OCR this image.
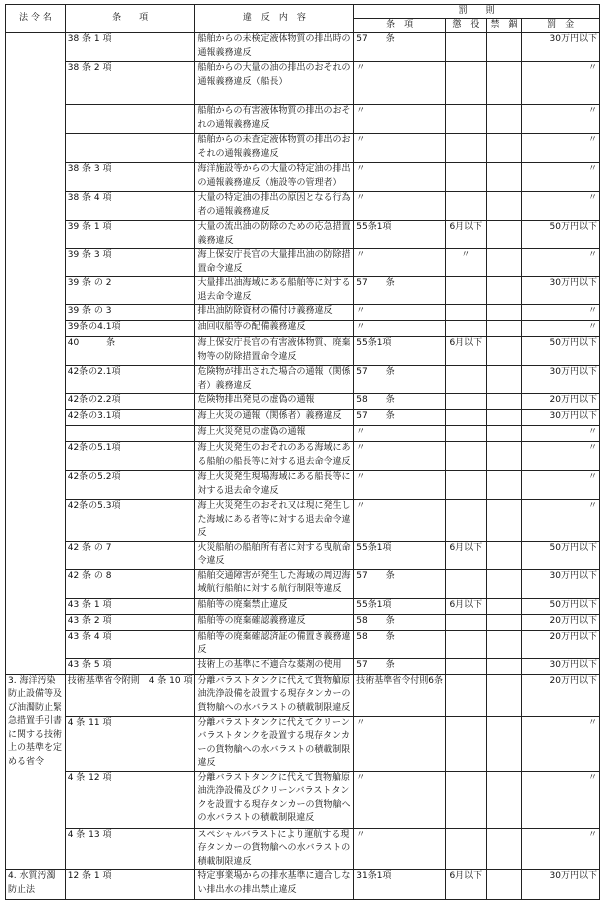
法 令 名	条　　項	違　反　内　容	罰　　則			
			条　項	懲　役	禁　錮	罰　金
	38 条 1 項	船舶からの未検定液体物質の排出時の通報義務違反	57　　条			30万円以下
	38 条 2 項	船舶からの大量の油の排出のおそれの通報義務違反（船長）	〃			〃
		船舶からの有害液体物質の排出のおそれの通報義務違反	〃			〃
		船舶からの未査定液体物質の排出のおそれの通報義務違反	〃			〃
	38 条 3 項	海洋施設等からの大量の特定油の排出の通報義務違反（施設等の管理者）	〃			〃
	38 条 4 項	大量の特定油の排出の原因となる行為者の通報義務違反	〃			〃
	39 条 1 項	大量の流出油の防除のための応急措置義務違反	55条1項	6月以下		50万円以下
	39 条 3 項	海上保安庁長官の大量排出油の防除措置命令違反	〃	〃		〃
	39 条 の 2	大量排出油海域にある船舶等に対する退去命令違反	57　　条			30万円以下
	39 条 の 3	排出油防除資材の備付け義務違反	〃			〃
	39条の4.1項	油回収船等の配備義務違反	〃			〃
	40　　　条	海上保安庁長官の有害液体物質、廃棄物等の防除措置命令違反	55条1項	6月以下		50万円以下
	42条の2.1項	危険物が排出された場合の通報（関係者）義務違反	57　　条			30万円以下
	42条の2.2項	危険物排出発見の虚偽の通報	58　　条			20万円以下
	42条の3.1項	海上火災の通報（関係者）義務違反	57　　条			30万円以下
		海上火災発見の虚偽の通報	〃			〃
	42条の5.1項	海上火災発生のおそれのある海域にある船舶の船長等に対する退去命令違反	〃			〃
	42条の5.2項	海上火災発生現場海域にある船長等に対する退去命令違反	〃			〃
	42条の5.3項	海上火災発生のおそれ又は現に発生した海域にある者等に対する退去命令違反	〃			〃
	42 条 の 7	火災船舶の船舶所有者に対する曳航命令違反	55条1項	6月以下		50万円以下
	42 条 の 8	船舶交通障害が発生した海域の周辺海域航行船舶に対する航行制限等違反	57　　条			30万円以下
	43 条 1 項	船舶等の廃棄禁止違反	55条1項	6月以下		50万円以下
	43 条 2 項	船舶等の廃棄確認義務違反	58　　条			20万円以下
	43 条 4 項	船舶等の廃棄確認済証の備置き義務違反	58　　条			20万円以下
	43 条 5 項	技術上の基準に不適合な薬剤の使用	57　　条			30万円以下
3. 海洋汚染防止設備等及び油濁防止緊急措置手引書に関する技術上の基準を定める省令	技術基準省令附則　4 条 10 項	分離バラストタンクに代えて貨物艙原油洗浄設備を設置する現存タンカーの貨物艙への水バラストの積載制限違反	技術基準省令付則6条			20万円以下
	4 条 11 項	分離バラストタンクに代えてクリーンバラストタンクを設置する現存タンカーの貨物艙への水バラストの積載制限違反	〃			〃
	4 条 12 項	分離バラストタンクに代えて貨物艙原油洗浄設備及びクリーンバラストタンクを設置する現存タンカーの貨物艙への水バラストの積載制限違反	〃			〃
	4 条 13 項	スペシャルバラストにより運航する現存タンカーの貨物艙への水バラストの積載制限違反	〃			〃
4. 水質汚濁防止法	12 条 1 項	特定事業場からの排水基準に適合しない排出水の排出禁止違反	31条1項	6月以下		30万円以下
